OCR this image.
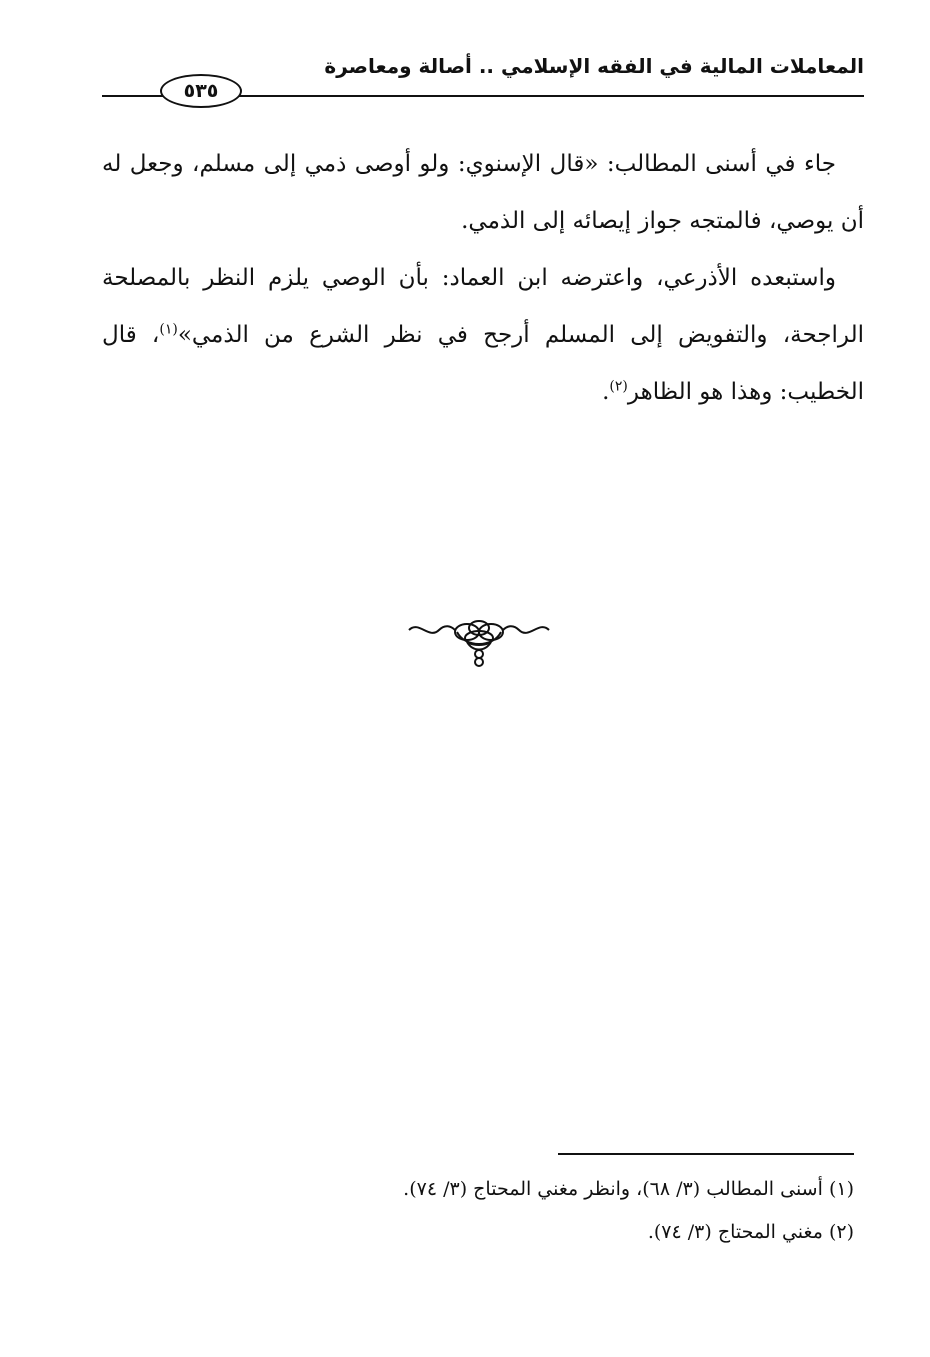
المعاملات المالية في الفقه الإسلامي .. أصالة ومعاصرة
٥٣٥

جاء في أسنى المطالب: «قال الإسنوي: ولو أوصى ذمي إلى مسلم، وجعل له أن يوصي، فالمتجه جواز إيصائه إلى الذمي.

واستبعده الأذرعي، واعترضه ابن العماد: بأن الوصي يلزم النظر بالمصلحة الراجحة، والتفويض إلى المسلم أرجح في نظر الشرع من الذمي»$^{(١)}$، قال الخطيب: وهذا هو الظاهر$^{(٢)}$.

(١) أسنى المطالب (٣/ ٦٨)، وانظر مغني المحتاج (٣/ ٧٤).
(٢) مغني المحتاج (٣/ ٧٤).
